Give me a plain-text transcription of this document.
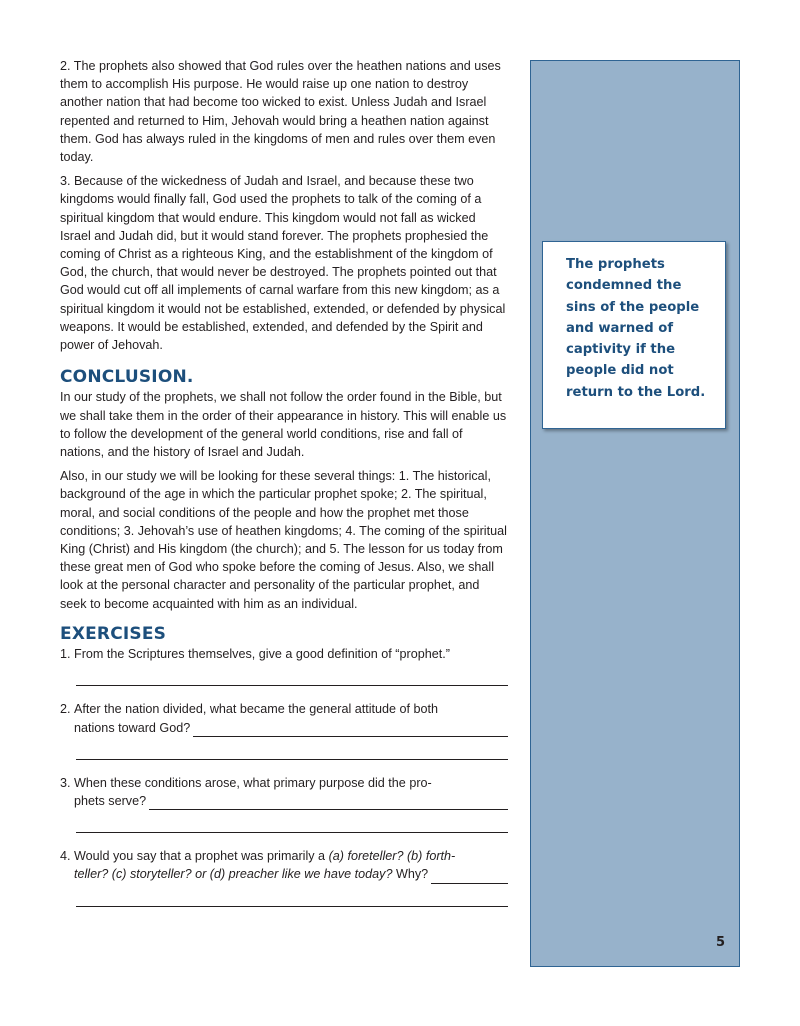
2. The prophets also showed that God rules over the heathen nations and uses them to accomplish His purpose. He would raise up one nation to destroy another nation that had become too wicked to exist. Unless Judah and Israel repented and returned to Him, Jehovah would bring a heathen nation against them. God has always ruled in the kingdoms of men and rules over them even today.

3. Because of the wickedness of Judah and Israel, and because these two kingdoms would finally fall, God used the prophets to talk of the coming of a spiritual kingdom that would endure. This kingdom would not fall as wicked Israel and Judah did, but it would stand forever. The prophets prophesied the coming of Christ as a righteous King, and the establishment of the kingdom of God, the church, that would never be destroyed. The prophets pointed out that God would cut off all implements of carnal warfare from this new kingdom; as a spiritual kingdom it would not be established, extended, or defended by physical weapons. It would be established, extended, and defended by the Spirit and power of Jehovah.

CONCLUSION.

In our study of the prophets, we shall not follow the order found in the Bible, but we shall take them in the order of their appearance in history. This will enable us to follow the development of the general world conditions, rise and fall of nations, and the history of Israel and Judah.

Also, in our study we will be looking for these several things: 1. The historical, background of the age in which the particular prophet spoke; 2. The spiritual, moral, and social conditions of the people and how the prophet met those conditions; 3. Jehovah’s use of heathen kingdoms; 4. The coming of the spiritual King (Christ) and His kingdom (the church); and 5. The lesson for us today from these great men of God who spoke before the coming of Jesus. Also, we shall look at the personal character and personality of the particular prophet, and seek to become acquainted with him as an individual.

EXERCISES
1. From the Scriptures themselves, give a good definition of “prophet.”
2. After the nation divided, what became the general attitude of both
nations toward God?
3. When these conditions arose, what primary purpose did the pro-
phets serve?
4. Would you say that a prophet was primarily a (a) foreteller? (b) forth-
teller? (c) storyteller? or (d) preacher like we have today? Why?
The prophets condemned the sins of the people and warned of captivity if the people did not return to the Lord.
5
